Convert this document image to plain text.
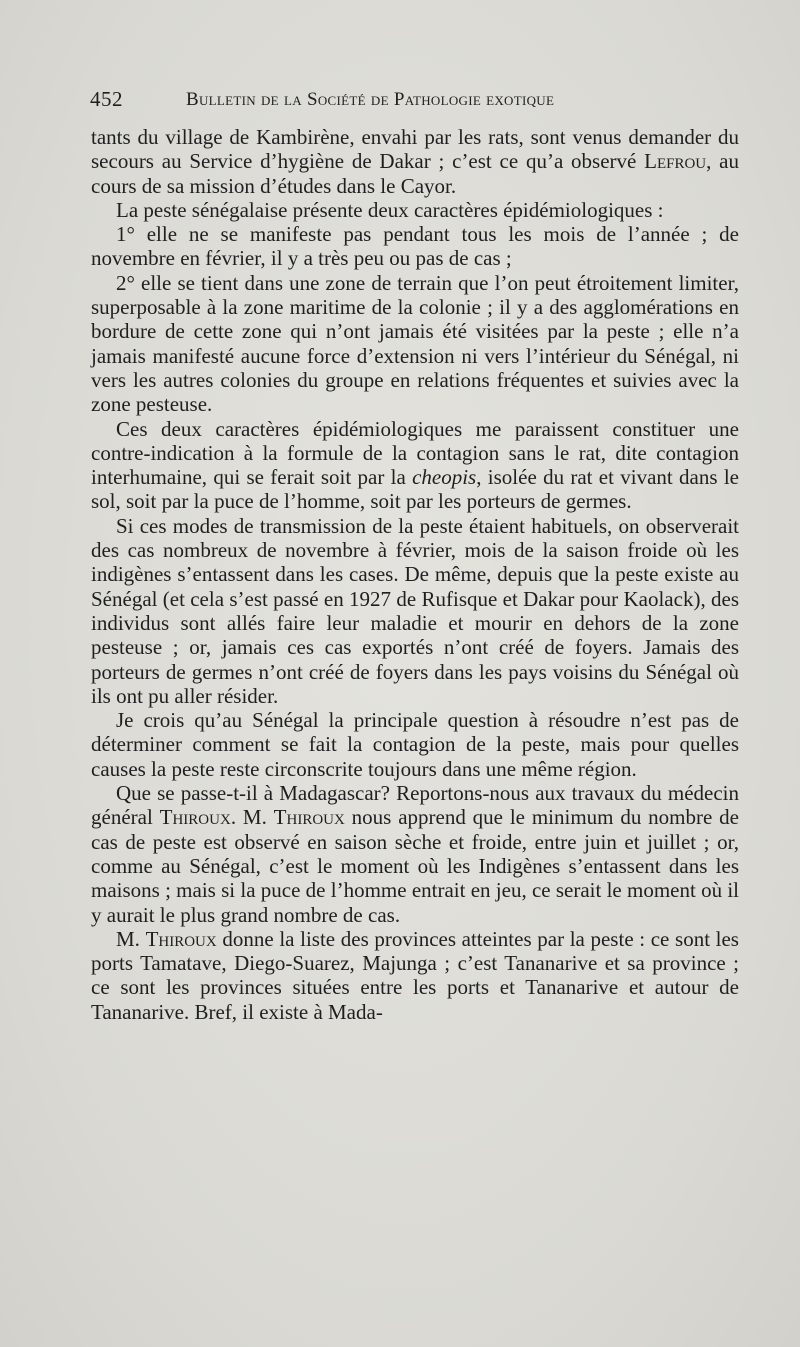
452	Bulletin de la Société de Pathologie exotique

tants du village de Kambirène, envahi par les rats, sont venus demander du secours au Service d’hygiène de Dakar ; c’est ce qu’a observé Lefrou, au cours de sa mission d’études dans le Cayor.

La peste sénégalaise présente deux caractères épidémiologiques :

1° elle ne se manifeste pas pendant tous les mois de l’année ; de novembre en février, il y a très peu ou pas de cas ;

2° elle se tient dans une zone de terrain que l’on peut étroitement limiter, superposable à la zone maritime de la colonie ; il y a des agglomérations en bordure de cette zone qui n’ont jamais été visitées par la peste ; elle n’a jamais manifesté aucune force d’extension ni vers l’intérieur du Sénégal, ni vers les autres colonies du groupe en relations fréquentes et suivies avec la zone pesteuse.

Ces deux caractères épidémiologiques me paraissent constituer une contre-indication à la formule de la contagion sans le rat, dite contagion interhumaine, qui se ferait soit par la cheopis, isolée du rat et vivant dans le sol, soit par la puce de l’homme, soit par les porteurs de germes.

Si ces modes de transmission de la peste étaient habituels, on observerait des cas nombreux de novembre à février, mois de la saison froide où les indigènes s’entassent dans les cases. De même, depuis que la peste existe au Sénégal (et cela s’est passé en 1927 de Rufisque et Dakar pour Kaolack), des individus sont allés faire leur maladie et mourir en dehors de la zone pesteuse ; or, jamais ces cas exportés n’ont créé de foyers. Jamais des porteurs de germes n’ont créé de foyers dans les pays voisins du Sénégal où ils ont pu aller résider.

Je crois qu’au Sénégal la principale question à résoudre n’est pas de déterminer comment se fait la contagion de la peste, mais pour quelles causes la peste reste circonscrite toujours dans une même région.

Que se passe-t-il à Madagascar? Reportons-nous aux travaux du médecin général Thiroux. M. Thiroux nous apprend que le minimum du nombre de cas de peste est observé en saison sèche et froide, entre juin et juillet ; or, comme au Sénégal, c’est le moment où les Indigènes s’entassent dans les maisons ; mais si la puce de l’homme entrait en jeu, ce serait le moment où il y aurait le plus grand nombre de cas.

M. Thiroux donne la liste des provinces atteintes par la peste : ce sont les ports Tamatave, Diego-Suarez, Majunga ; c’est Tananarive et sa province ; ce sont les provinces situées entre les ports et Tananarive et autour de Tananarive. Bref, il existe à Mada-
